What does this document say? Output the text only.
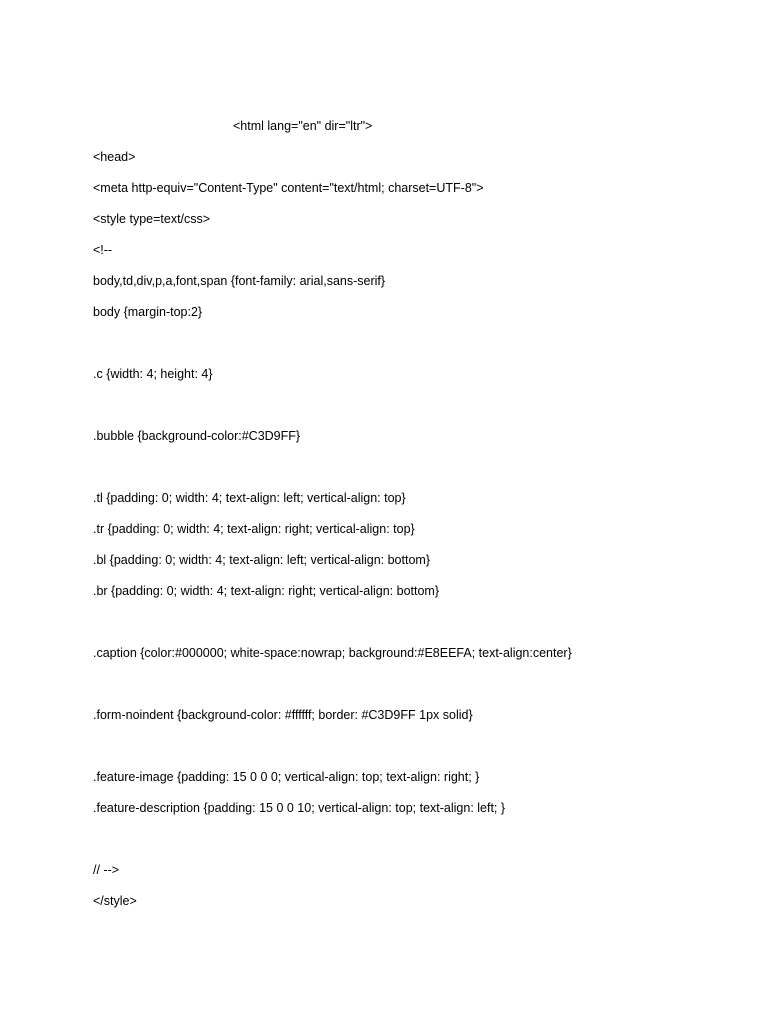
<html lang="en" dir="ltr">
<head>
<meta http-equiv="Content-Type" content="text/html; charset=UTF-8">
<style type=text/css>
<!--
body,td,div,p,a,font,span {font-family: arial,sans-serif}
body {margin-top:2}
.c {width: 4; height: 4}
.bubble {background-color:#C3D9FF}
.tl {padding: 0; width: 4; text-align: left; vertical-align: top}
.tr {padding: 0; width: 4; text-align: right; vertical-align: top}
.bl {padding: 0; width: 4; text-align: left; vertical-align: bottom}
.br {padding: 0; width: 4; text-align: right; vertical-align: bottom}
.caption {color:#000000; white-space:nowrap; background:#E8EEFA; text-align:center}
.form-noindent {background-color: #ffffff; border: #C3D9FF 1px solid}
.feature-image {padding: 15 0 0 0; vertical-align: top; text-align: right; }
.feature-description {padding: 15 0 0 10; vertical-align: top; text-align: left; }
// -->
</style>
